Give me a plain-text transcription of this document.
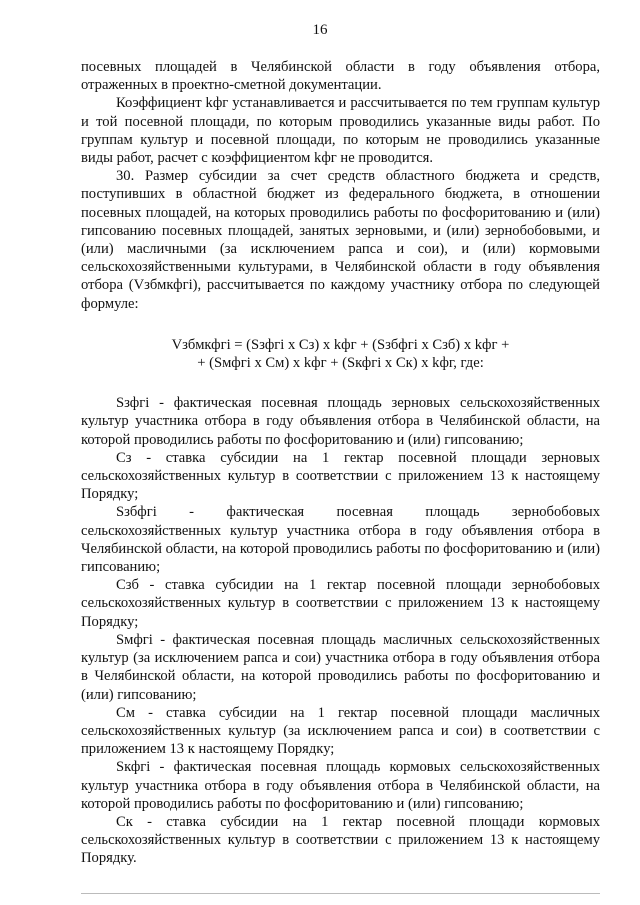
16

посевных площадей в Челябинской области в году объявления отбора, отраженных в проектно-сметной документации.

Коэффициент kфг устанавливается и рассчитывается по тем группам культур и той посевной площади, по которым проводились указанные виды работ. По группам культур и посевной площади, по которым не проводились указанные виды работ, расчет с коэффициентом kфг не проводится.

30. Размер субсидии за счет средств областного бюджета и средств, поступивших в областной бюджет из федерального бюджета, в отношении посевных площадей, на которых проводились работы по фосфоритованию и (или) гипсованию посевных площадей, занятых зерновыми, и (или) зернобобовыми, и (или) масличными (за исключением рапса и сои), и (или) кормовыми сельскохозяйственными культурами, в Челябинской области в году объявления отбора (Vзбмкфгi), рассчитывается по каждому участнику отбора по следующей формуле:

Vзбмкфгi = (Sзфгi x Cз) x kфг + (Sзбфгi x Cзб) x kфг +
+ (Sмфгi x Cм) x kфг + (Sкфгi x Cк) x kфг, где:

Sзфгi - фактическая посевная площадь зерновых сельскохозяйственных культур участника отбора в году объявления отбора в Челябинской области, на которой проводились работы по фосфоритованию и (или) гипсованию;

Cз - ставка субсидии на 1 гектар посевной площади зерновых сельскохозяйственных культур в соответствии с приложением 13 к настоящему Порядку;

Sзбфгi - фактическая посевная площадь зернобобовых сельскохозяйственных культур участника отбора в году объявления отбора в Челябинской области, на которой проводились работы по фосфоритованию и (или) гипсованию;

Cзб - ставка субсидии на 1 гектар посевной площади зернобобовых сельскохозяйственных культур в соответствии с приложением 13 к настоящему Порядку;

Sмфгi - фактическая посевная площадь масличных сельскохозяйственных культур (за исключением рапса и сои) участника отбора в году объявления отбора в Челябинской области, на которой проводились работы по фосфоритованию и (или) гипсованию;

Cм - ставка субсидии на 1 гектар посевной площади масличных сельскохозяйственных культур (за исключением рапса и сои) в соответствии с приложением 13 к настоящему Порядку;

Sкфгi - фактическая посевная площадь кормовых сельскохозяйственных культур участника отбора в году объявления отбора в Челябинской области, на которой проводились работы по фосфоритованию и (или) гипсованию;

Cк - ставка субсидии на 1 гектар посевной площади кормовых сельскохозяйственных культур в соответствии с приложением 13 к настоящему Порядку.
